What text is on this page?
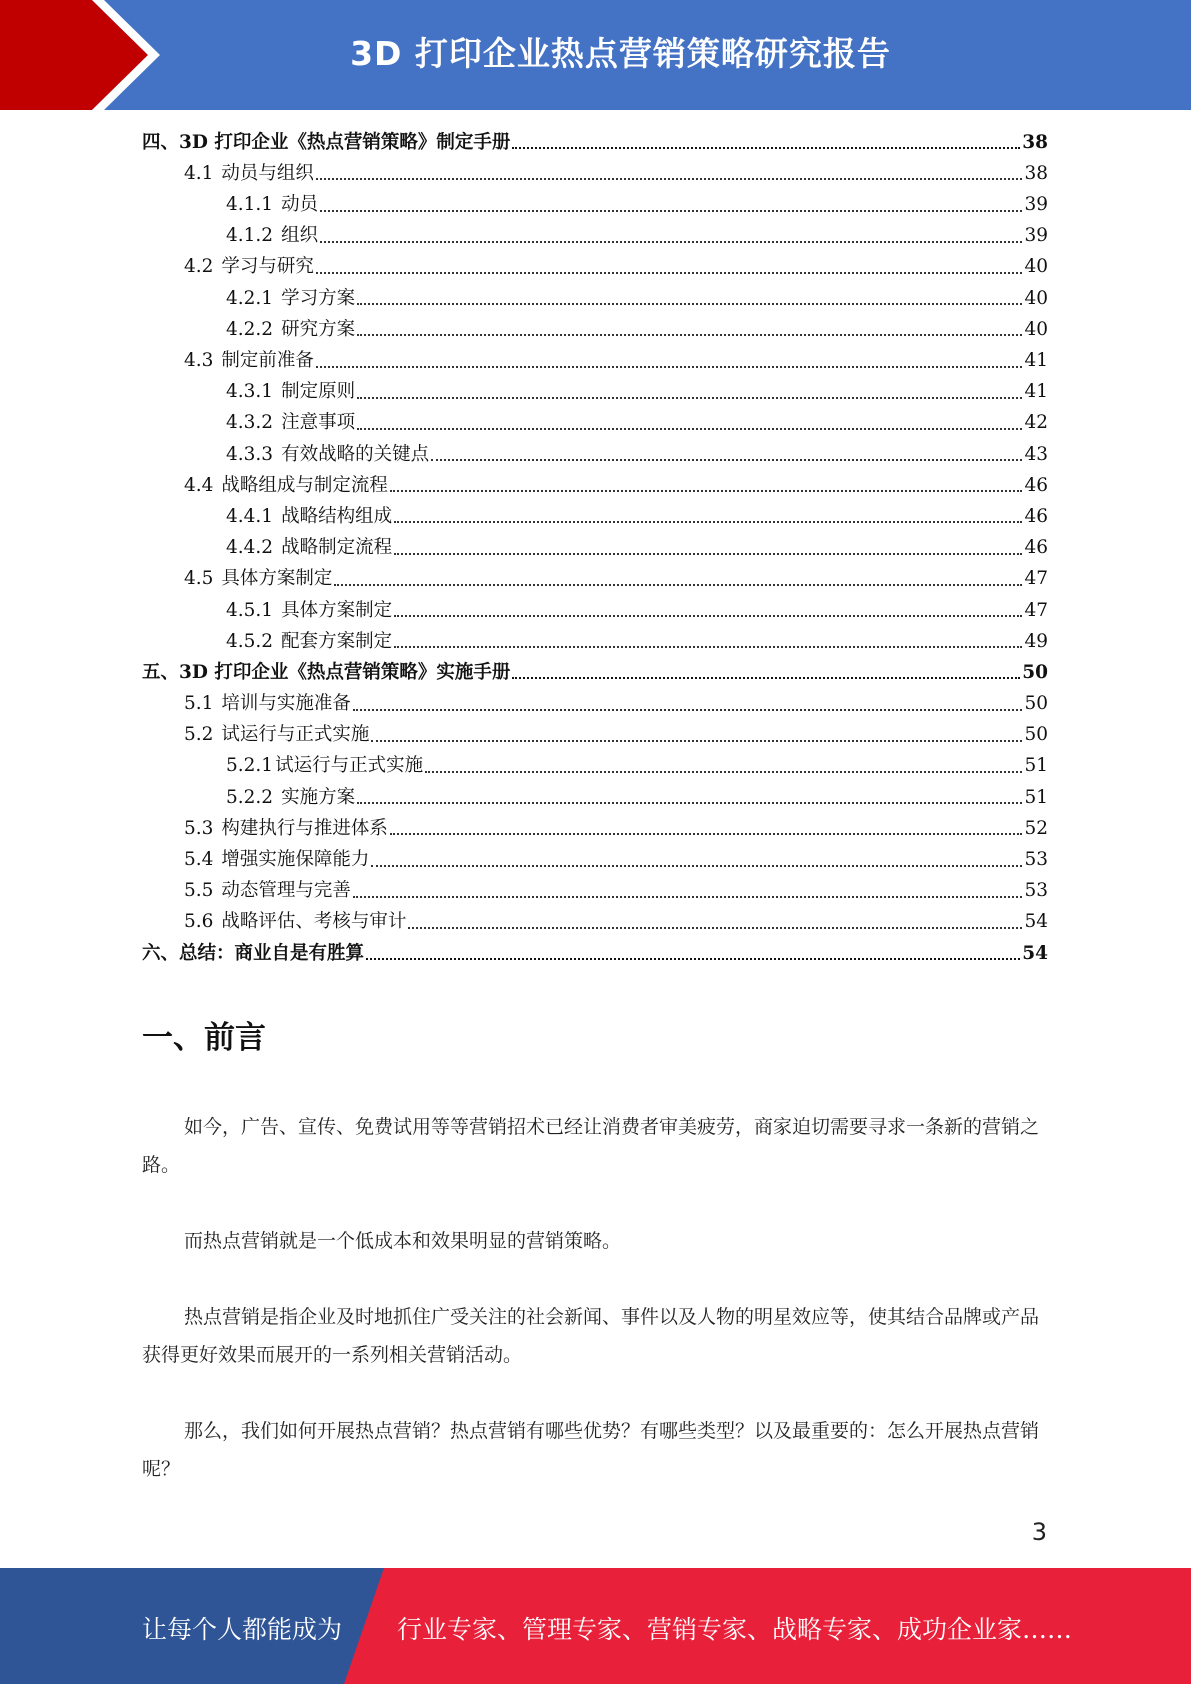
3D 打印企业热点营销策略研究报告
四、3D 打印企业《热点营销策略》制定手册	38
4.1 动员与组织	38
4.1.1 动员	39
4.1.2 组织	39
4.2 学习与研究	40
4.2.1 学习方案	40
4.2.2 研究方案	40
4.3 制定前准备	41
4.3.1 制定原则	41
4.3.2 注意事项	42
4.3.3 有效战略的关键点	43
4.4 战略组成与制定流程	46
4.4.1 战略结构组成	46
4.4.2 战略制定流程	46
4.5 具体方案制定	47
4.5.1 具体方案制定	47
4.5.2 配套方案制定	49
五、3D 打印企业《热点营销策略》实施手册	50
5.1 培训与实施准备	50
5.2 试运行与正式实施	50
5.2.1 试运行与正式实施	51
5.2.2 实施方案	51
5.3 构建执行与推进体系	52
5.4 增强实施保障能力	53
5.5 动态管理与完善	53
5.6 战略评估、考核与审计	54
六、总结：商业自是有胜算	54
一、前言

如今，广告、宣传、免费试用等等营销招术已经让消费者审美疲劳，商家迫切需要寻求一条新的营销之路。

而热点营销就是一个低成本和效果明显的营销策略。

热点营销是指企业及时地抓住广受关注的社会新闻、事件以及人物的明星效应等，使其结合品牌或产品获得更好效果而展开的一系列相关营销活动。

那么，我们如何开展热点营销？热点营销有哪些优势？有哪些类型？以及最重要的：怎么开展热点营销呢？

3
让每个人都能成为 行业专家、管理专家、营销专家、战略专家、成功企业家……
